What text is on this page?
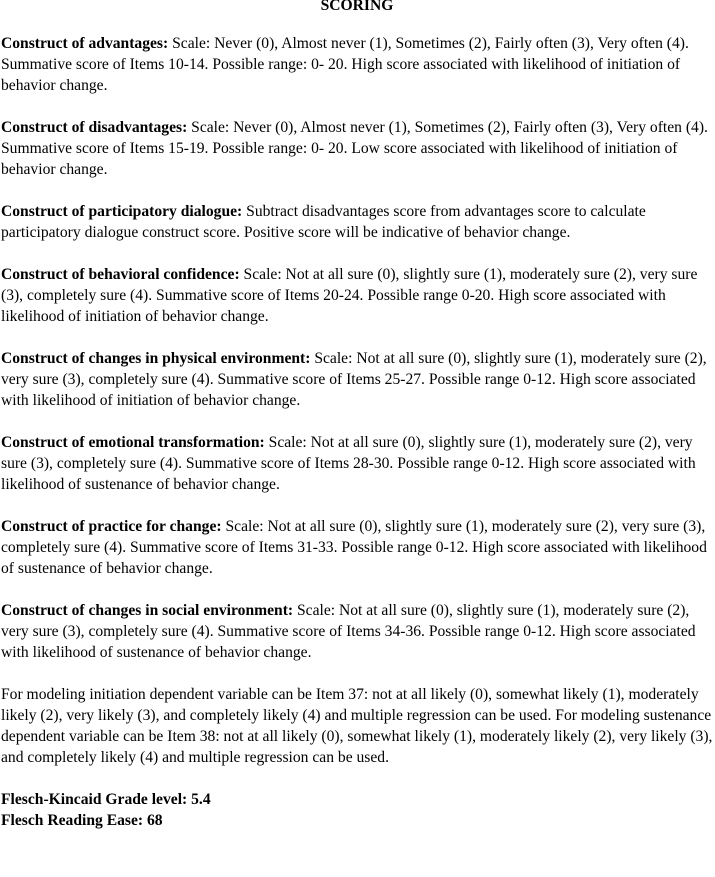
SCORING

Construct of advantages: Scale: Never (0), Almost never (1), Sometimes (2), Fairly often (3), Very often (4). Summative score of Items 10-14. Possible range: 0- 20. High score associated with likelihood of initiation of behavior change.

Construct of disadvantages: Scale: Never (0), Almost never (1), Sometimes (2), Fairly often (3), Very often (4). Summative score of Items 15-19. Possible range: 0- 20. Low score associated with likelihood of initiation of behavior change.

Construct of participatory dialogue: Subtract disadvantages score from advantages score to calculate participatory dialogue construct score. Positive score will be indicative of behavior change.

Construct of behavioral confidence: Scale: Not at all sure (0), slightly sure (1), moderately sure (2), very sure (3), completely sure (4). Summative score of Items 20-24. Possible range 0-20. High score associated with likelihood of initiation of behavior change.

Construct of changes in physical environment: Scale: Not at all sure (0), slightly sure (1), moderately sure (2), very sure (3), completely sure (4). Summative score of Items 25-27. Possible range 0-12. High score associated with likelihood of initiation of behavior change.

Construct of emotional transformation: Scale: Not at all sure (0), slightly sure (1), moderately sure (2), very sure (3), completely sure (4). Summative score of Items 28-30. Possible range 0-12. High score associated with likelihood of sustenance of behavior change.

Construct of practice for change: Scale: Not at all sure (0), slightly sure (1), moderately sure (2), very sure (3), completely sure (4). Summative score of Items 31-33. Possible range 0-12. High score associated with likelihood of sustenance of behavior change.

Construct of changes in social environment: Scale: Not at all sure (0), slightly sure (1), moderately sure (2), very sure (3), completely sure (4). Summative score of Items 34-36. Possible range 0-12. High score associated with likelihood of sustenance of behavior change.

For modeling initiation dependent variable can be Item 37: not at all likely (0), somewhat likely (1), moderately likely (2), very likely (3), and completely likely (4) and multiple regression can be used. For modeling sustenance dependent variable can be Item 38: not at all likely (0), somewhat likely (1), moderately likely (2), very likely (3), and completely likely (4) and multiple regression can be used.

Flesch-Kincaid Grade level: 5.4

Flesch Reading Ease: 68
